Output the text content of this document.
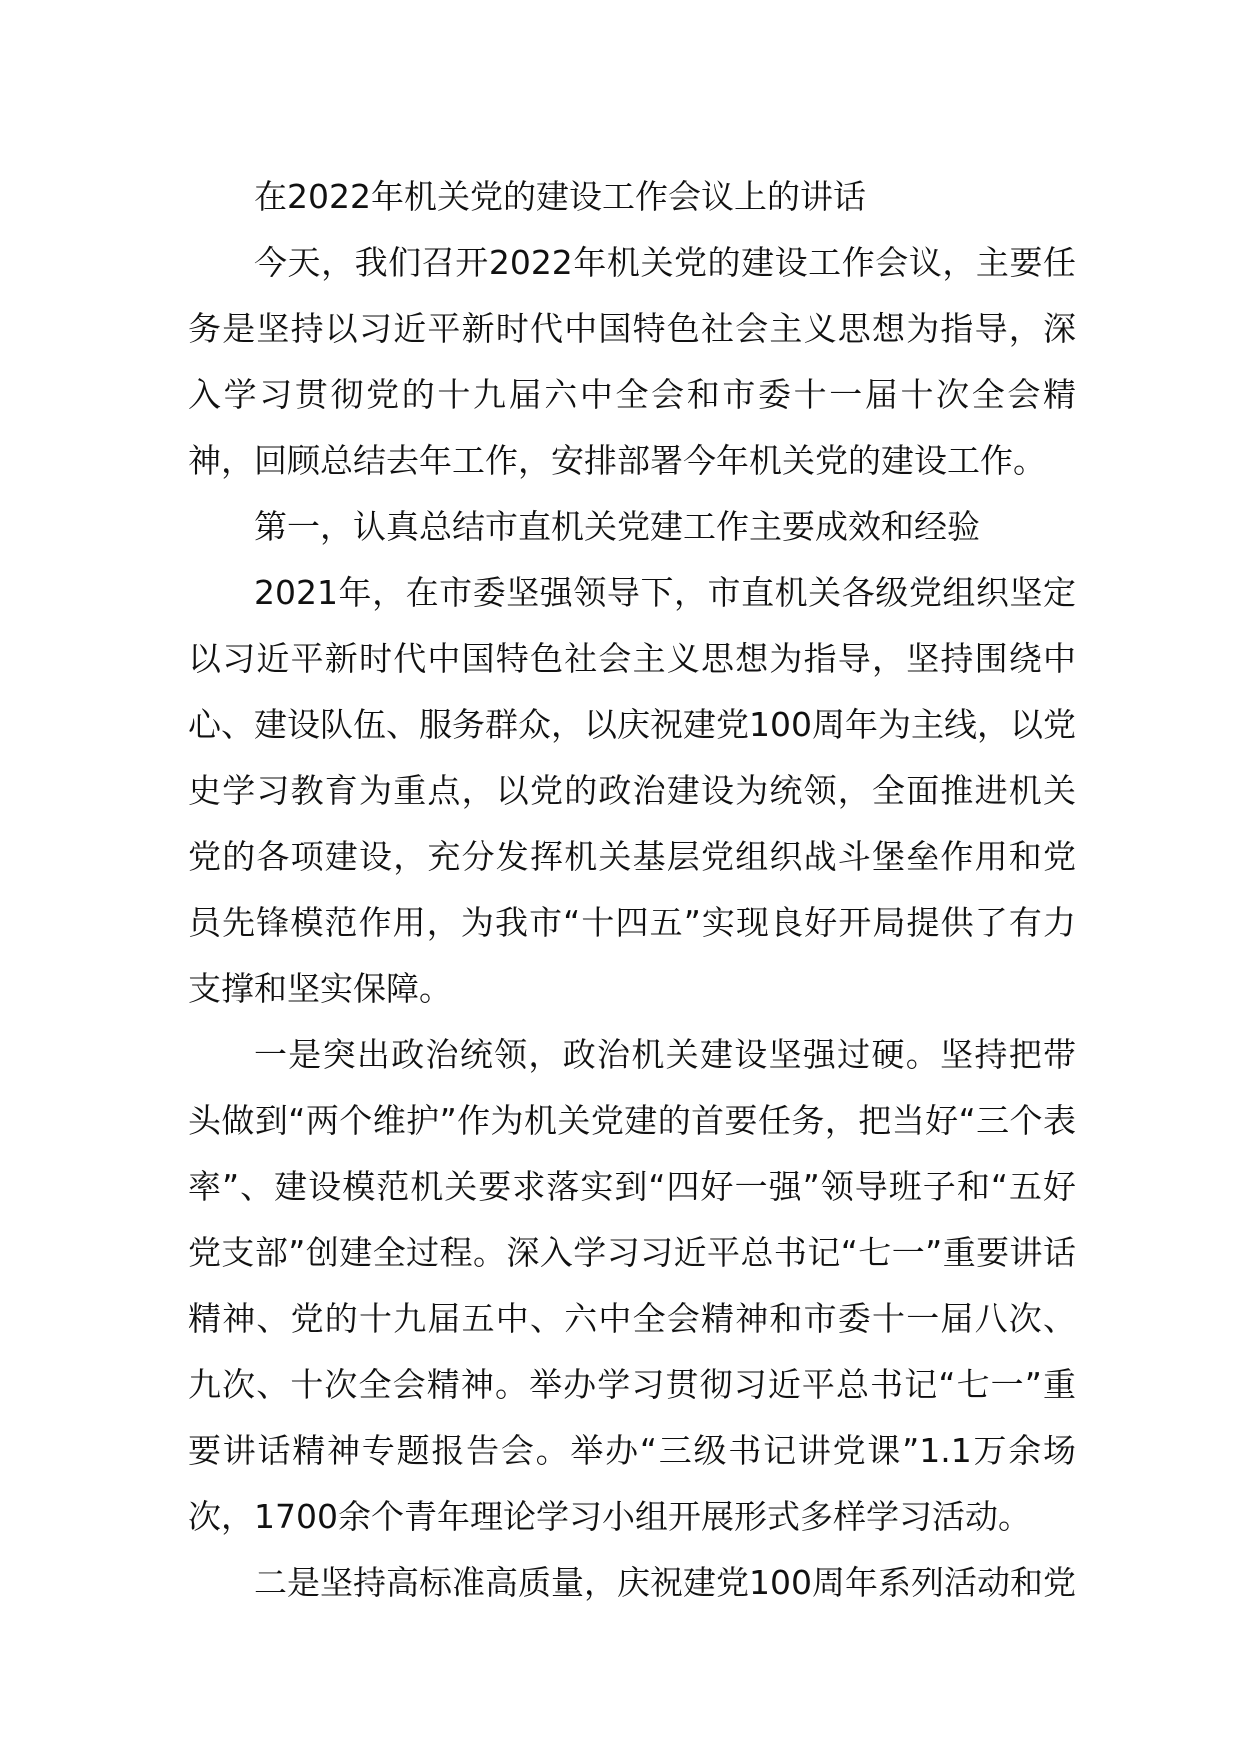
在2022年机关党的建设工作会议上的讲话

今天，我们召开2022年机关党的建设工作会议，主要任务是坚持以习近平新时代中国特色社会主义思想为指导，深入学习贯彻党的十九届六中全会和市委十一届十次全会精神，回顾总结去年工作，安排部署今年机关党的建设工作。

第一，认真总结市直机关党建工作主要成效和经验

2021年，在市委坚强领导下，市直机关各级党组织坚定以习近平新时代中国特色社会主义思想为指导，坚持围绕中心、建设队伍、服务群众，以庆祝建党100周年为主线，以党史学习教育为重点，以党的政治建设为统领，全面推进机关党的各项建设，充分发挥机关基层党组织战斗堡垒作用和党员先锋模范作用，为我市“十四五”实现良好开局提供了有力支撑和坚实保障。

一是突出政治统领，政治机关建设坚强过硬。坚持把带头做到“两个维护”作为机关党建的首要任务，把当好“三个表率”、建设模范机关要求落实到“四好一强”领导班子和“五好党支部”创建全过程。深入学习习近平总书记“七一”重要讲话精神、党的十九届五中、六中全会精神和市委十一届八次、九次、十次全会精神。举办学习贯彻习近平总书记“七一”重要讲话精神专题报告会。举办“三级书记讲党课”1.1万余场次，1700余个青年理论学习小组开展形式多样学习活动。

二是坚持高标准高质量，庆祝建党100周年系列活动和党
